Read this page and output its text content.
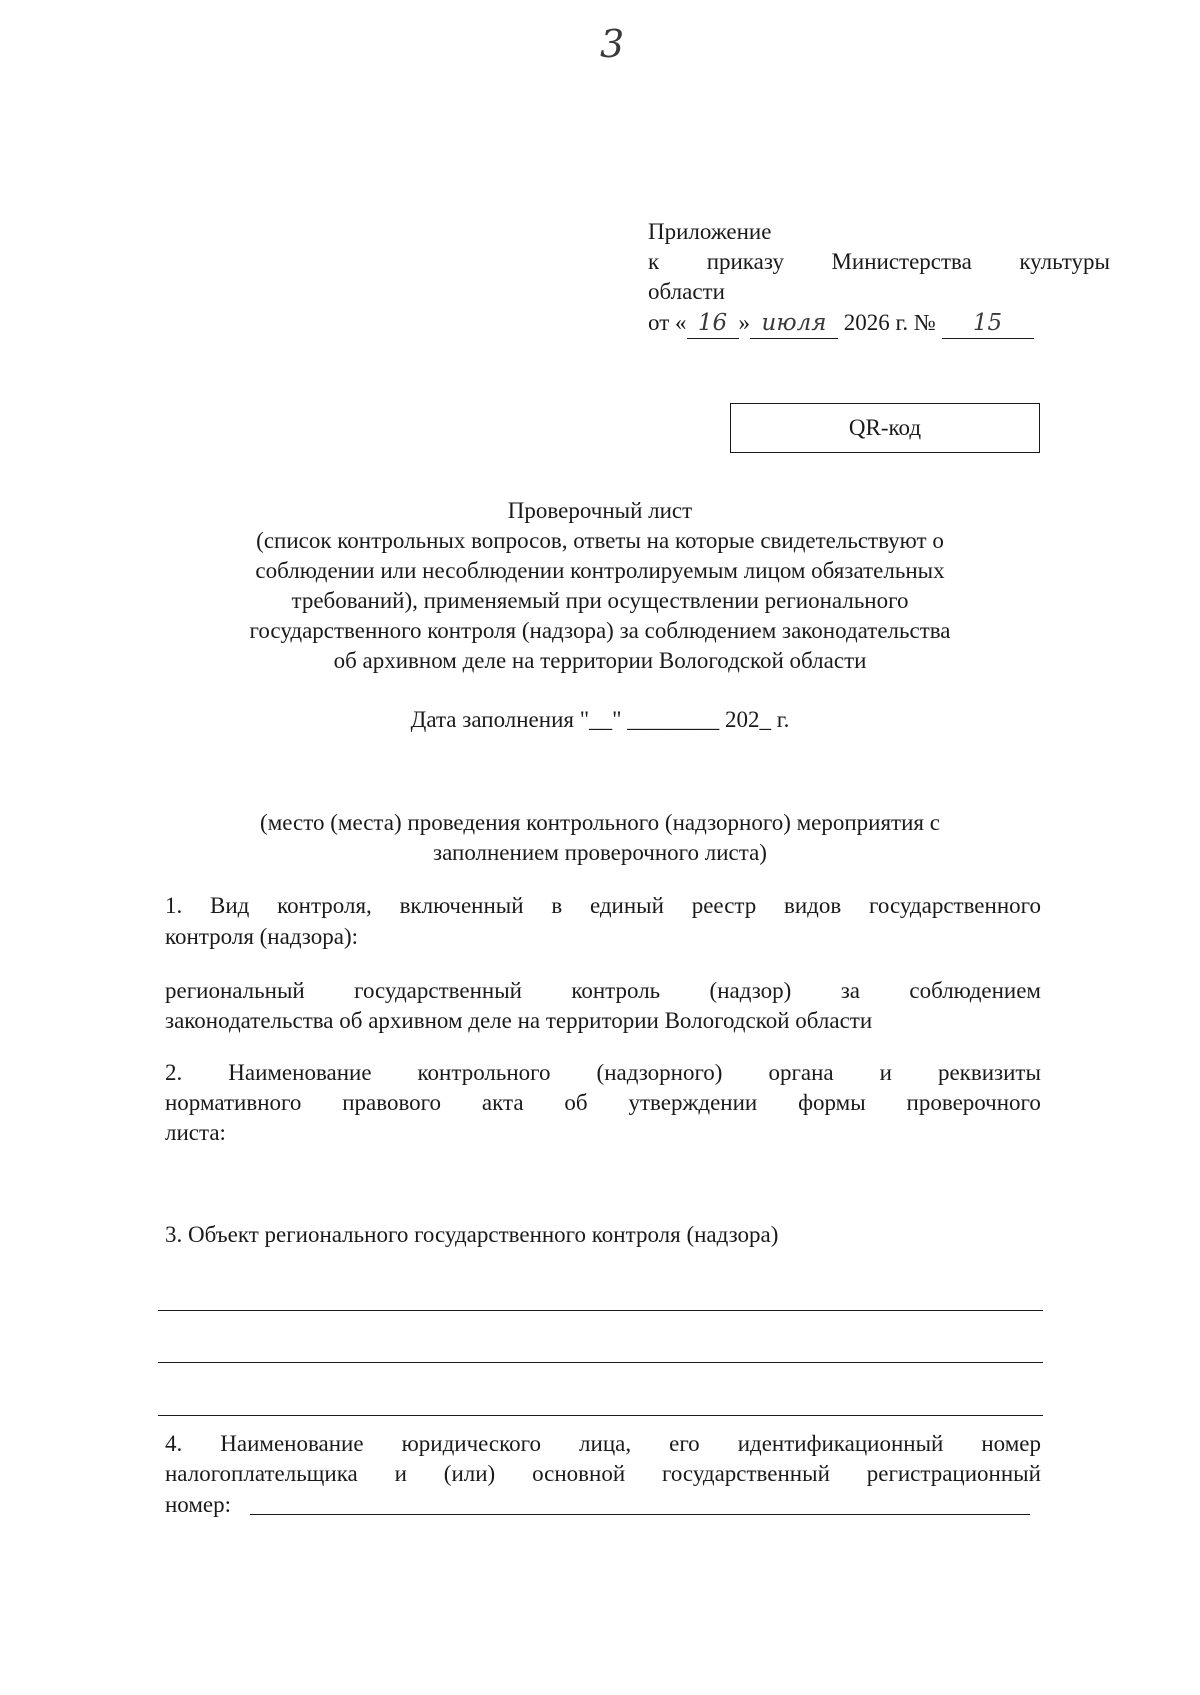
3
Приложение
к приказу Министерства культуры
области
от « 16 » июля 2026 г. № 15
QR-код
Проверочный лист
(список контрольных вопросов, ответы на которые свидетельствуют о
соблюдении или несоблюдении контролируемым лицом обязательных
требований), применяемый при осуществлении регионального
государственного контроля (надзора) за соблюдением законодательства
об архивном деле на территории Вологодской области
Дата заполнения "__" ________ 202_ г.
(место (места) проведения контрольного (надзорного) мероприятия с
заполнением проверочного листа)
1. Вид контроля, включенный в единый реестр видов государственного
контроля (надзора):
региональный государственный контроль (надзор) за соблюдением
законодательства об архивном деле на территории Вологодской области
2. Наименование контрольного (надзорного) органа и реквизиты
нормативного правового акта об утверждении формы проверочного
листа:
3. Объект регионального государственного контроля (надзора)
4. Наименование юридического лица, его идентификационный номер
налогоплательщика и (или) основной государственный регистрационный
номер:
